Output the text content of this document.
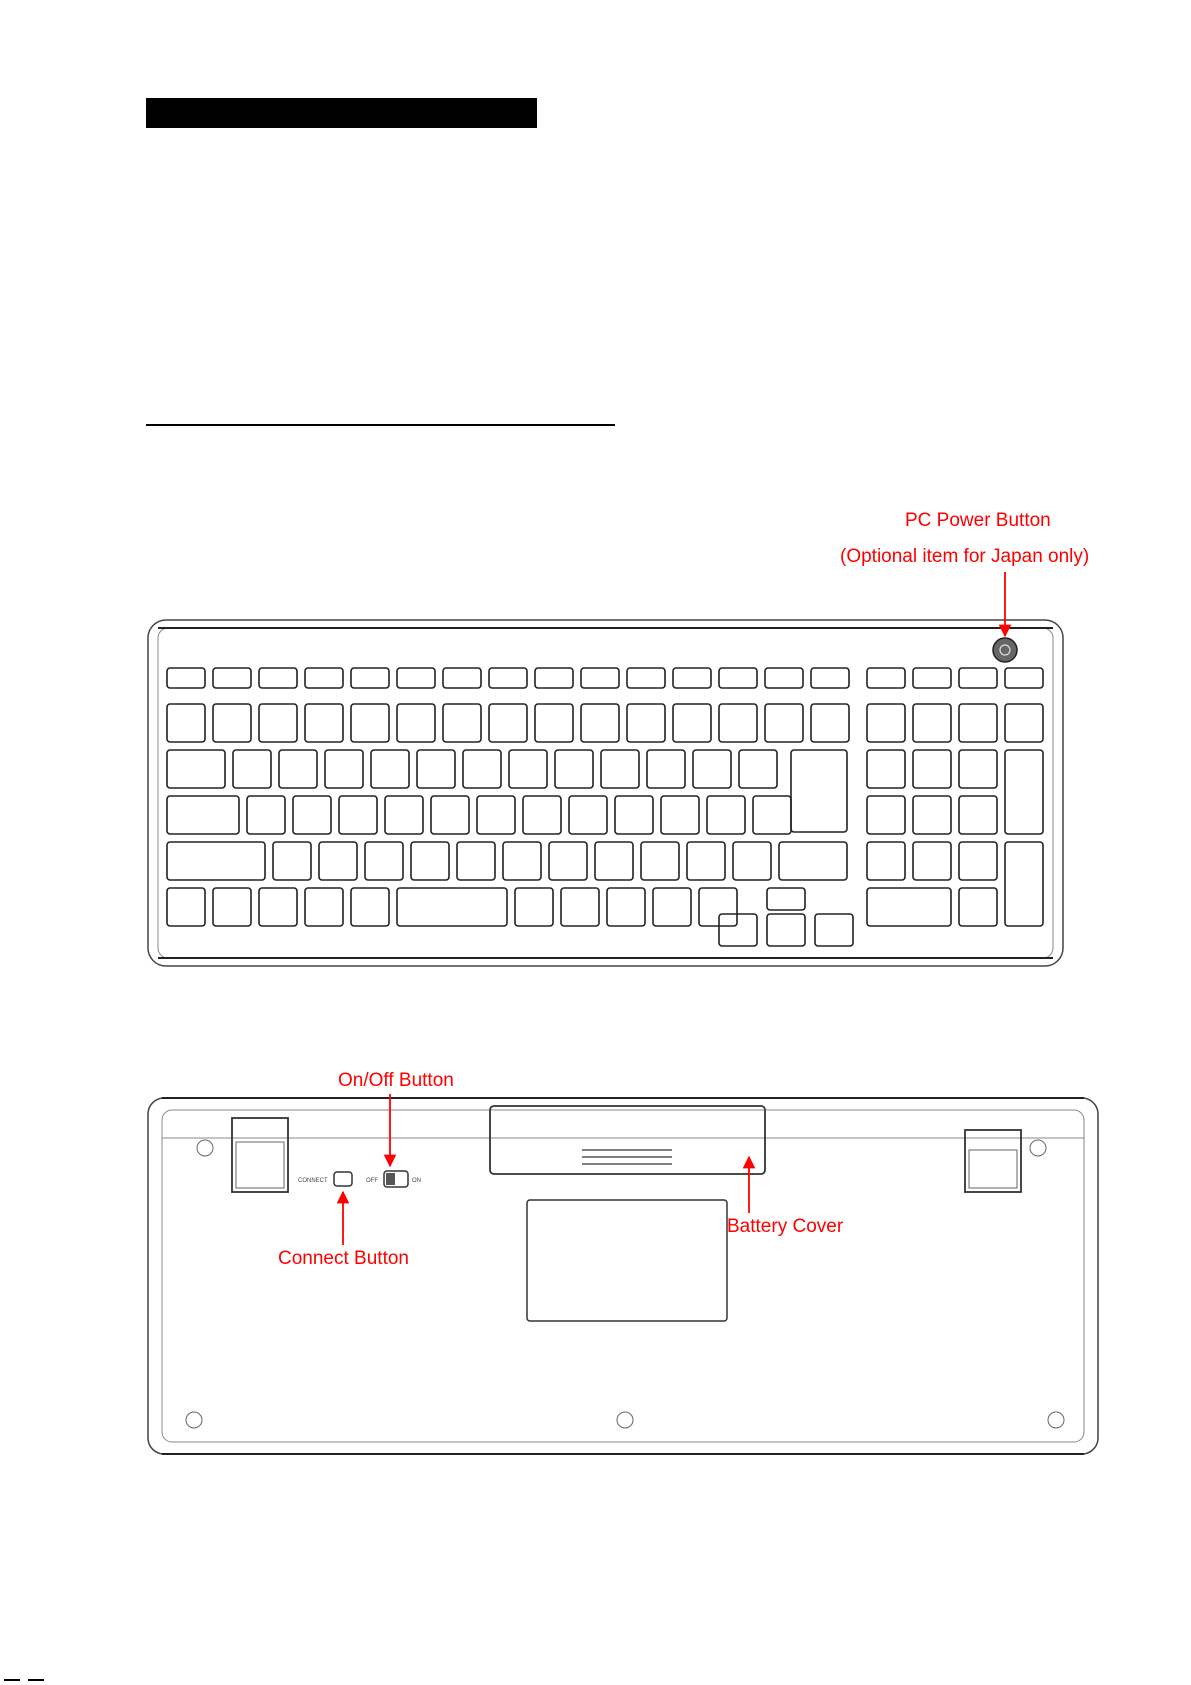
PC Power Button
(Optional item for Japan only)
On/Off Button
Connect Button
Battery Cover
CONNECT	OFF	ON
